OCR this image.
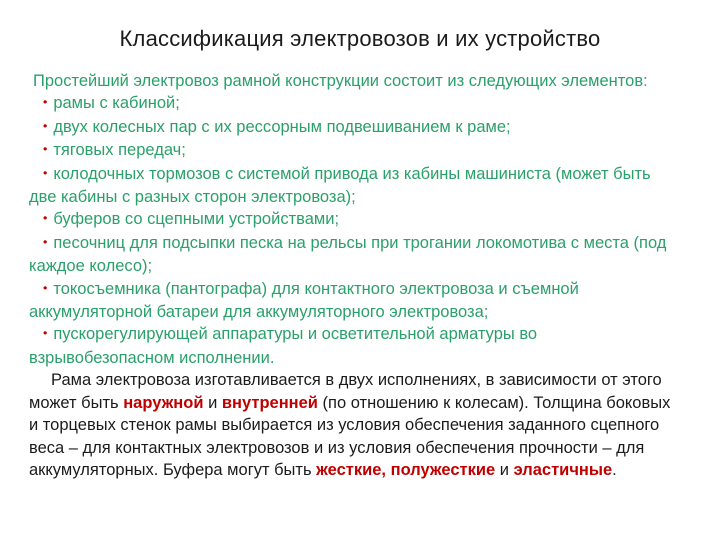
Классификация электровозов и их устройство
Простейший электровоз рамной конструкции состоит из следующих элементов:
• рамы с кабиной;
• двух колесных пар с их рессорным подвешиванием к раме;
• тяговых передач;
• колодочных тормозов с системой привода из кабины машиниста (может быть
две кабины с разных сторон электровоза);
• буферов со сцепными устройствами;
• песочниц для подсыпки песка на рельсы при трогании локомотива с места (под
каждое колесо);
• токосъемника (пантографа) для контактного электровоза и съемной
аккумуляторной батареи для аккумуляторного электровоза;
• пускорегулирующей аппаратуры и осветительной арматуры во
взрывобезопасном исполнении.
Рама электровоза изготавливается в двух исполнениях, в зависимости от этого
может быть наружной и внутренней (по отношению к колесам). Толщина боковых
и торцевых стенок рамы выбирается из условия обеспечения заданного сцепного
веса – для контактных электровозов и из условия обеспечения прочности – для
аккумуляторных. Буфера могут быть жесткие, полужесткие и эластичные.
